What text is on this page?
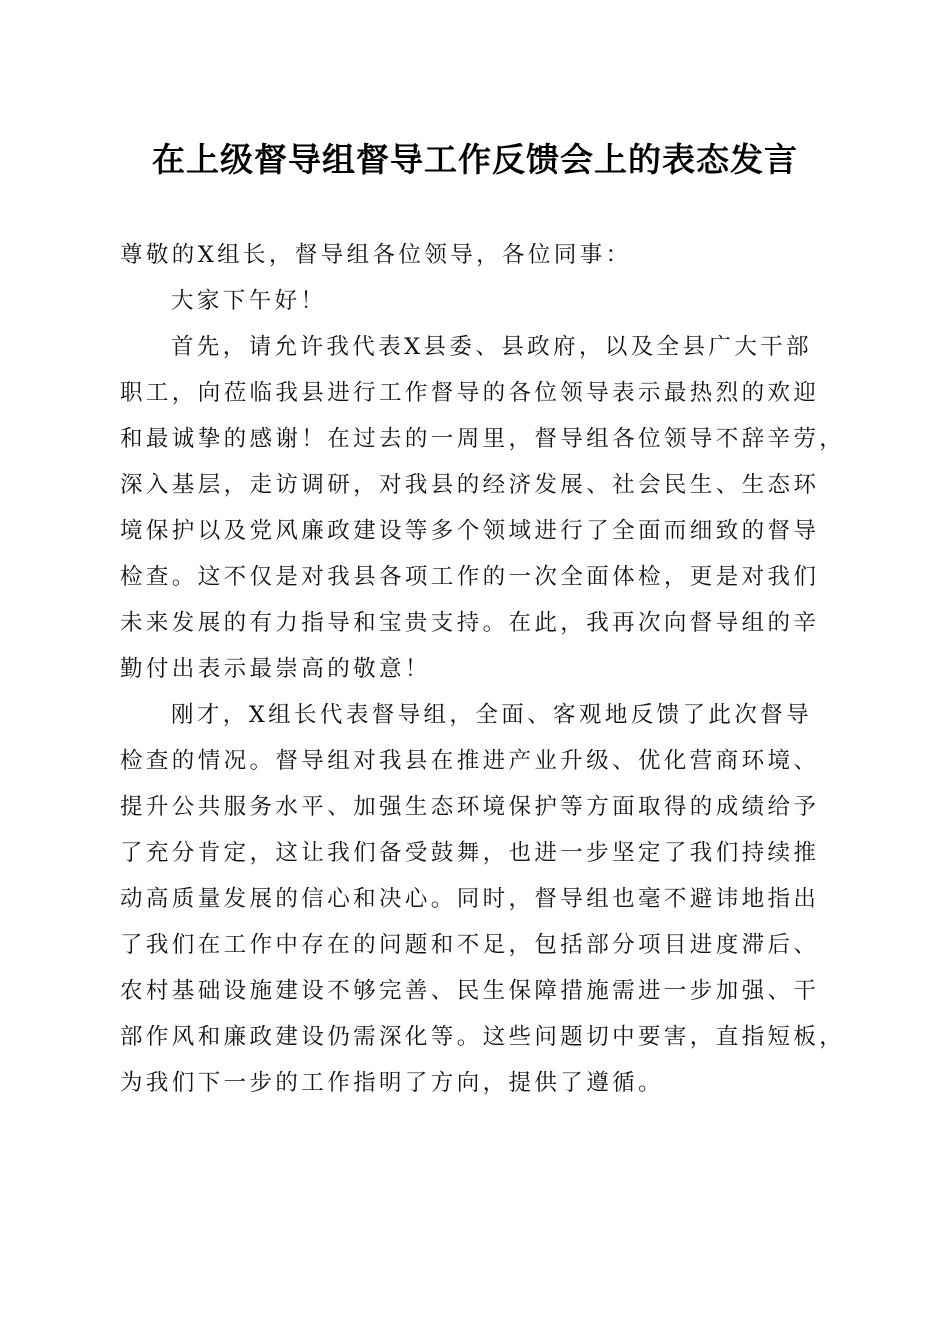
在上级督导组督导工作反馈会上的表态发言
尊敬的X组长，督导组各位领导，各位同事：
大家下午好！
首先，请允许我代表X县委、县政府，以及全县广大干部
职工，向莅临我县进行工作督导的各位领导表示最热烈的欢迎
和最诚挚的感谢！在过去的一周里，督导组各位领导不辞辛劳，
深入基层，走访调研，对我县的经济发展、社会民生、生态环
境保护以及党风廉政建设等多个领域进行了全面而细致的督导
检查。这不仅是对我县各项工作的一次全面体检，更是对我们
未来发展的有力指导和宝贵支持。在此，我再次向督导组的辛
勤付出表示最崇高的敬意！
刚才，X组长代表督导组，全面、客观地反馈了此次督导
检查的情况。督导组对我县在推进产业升级、优化营商环境、
提升公共服务水平、加强生态环境保护等方面取得的成绩给予
了充分肯定，这让我们备受鼓舞，也进一步坚定了我们持续推
动高质量发展的信心和决心。同时，督导组也毫不避讳地指出
了我们在工作中存在的问题和不足，包括部分项目进度滞后、
农村基础设施建设不够完善、民生保障措施需进一步加强、干
部作风和廉政建设仍需深化等。这些问题切中要害，直指短板，
为我们下一步的工作指明了方向，提供了遵循。
